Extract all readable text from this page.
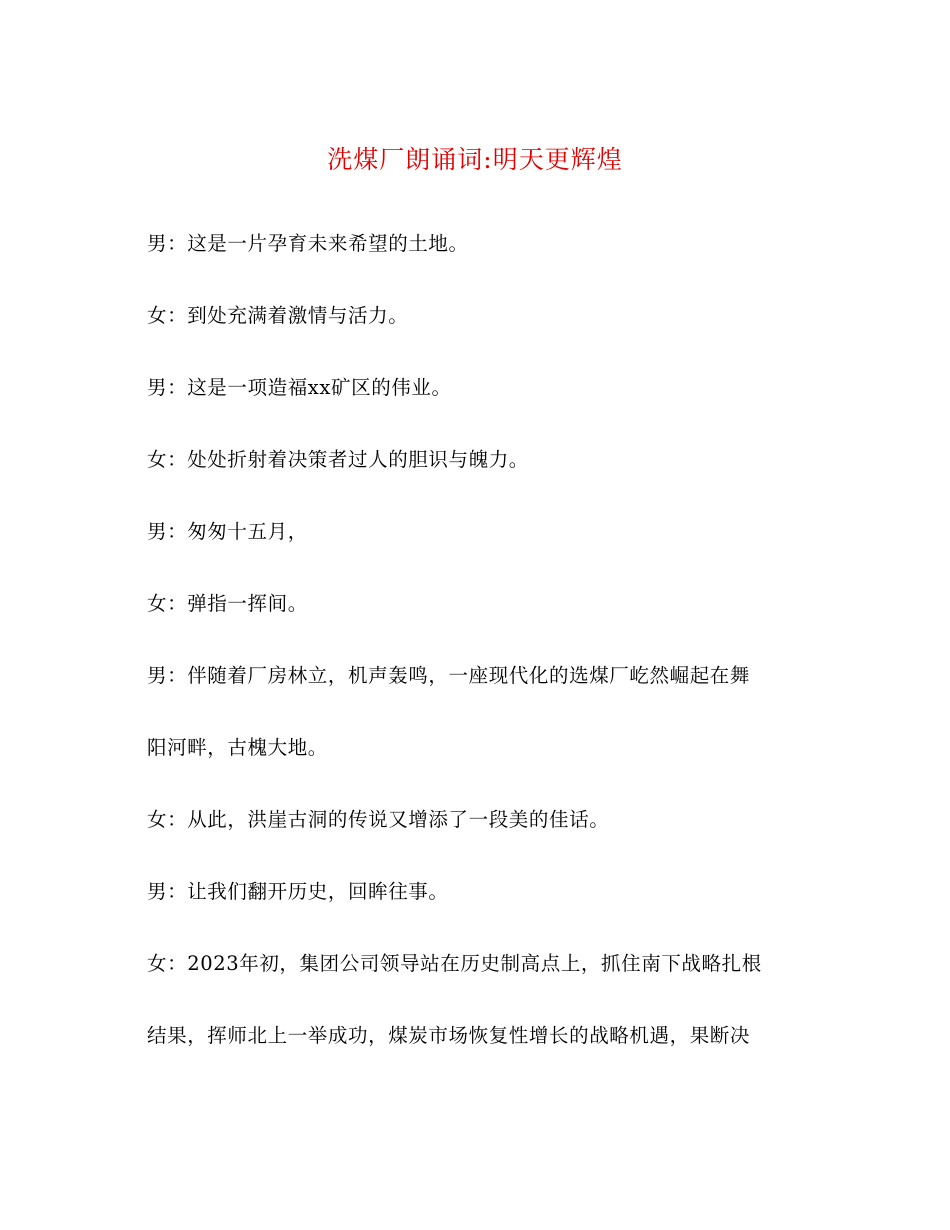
洗煤厂朗诵词:明天更辉煌

男：这是一片孕育未来希望的土地。

女：到处充满着激情与活力。

男：这是一项造福xx矿区的伟业。

女：处处折射着决策者过人的胆识与魄力。

男：匆匆十五月，

女：弹指一挥间。

男：伴随着厂房林立，机声轰鸣，一座现代化的选煤厂屹然崛起在舞

阳河畔，古槐大地。

女：从此，洪崖古洞的传说又增添了一段美的佳话。

男：让我们翻开历史，回眸往事。

女：2023年初，集团公司领导站在历史制高点上，抓住南下战略扎根

结果，挥师北上一举成功，煤炭市场恢复性增长的战略机遇，果断决
